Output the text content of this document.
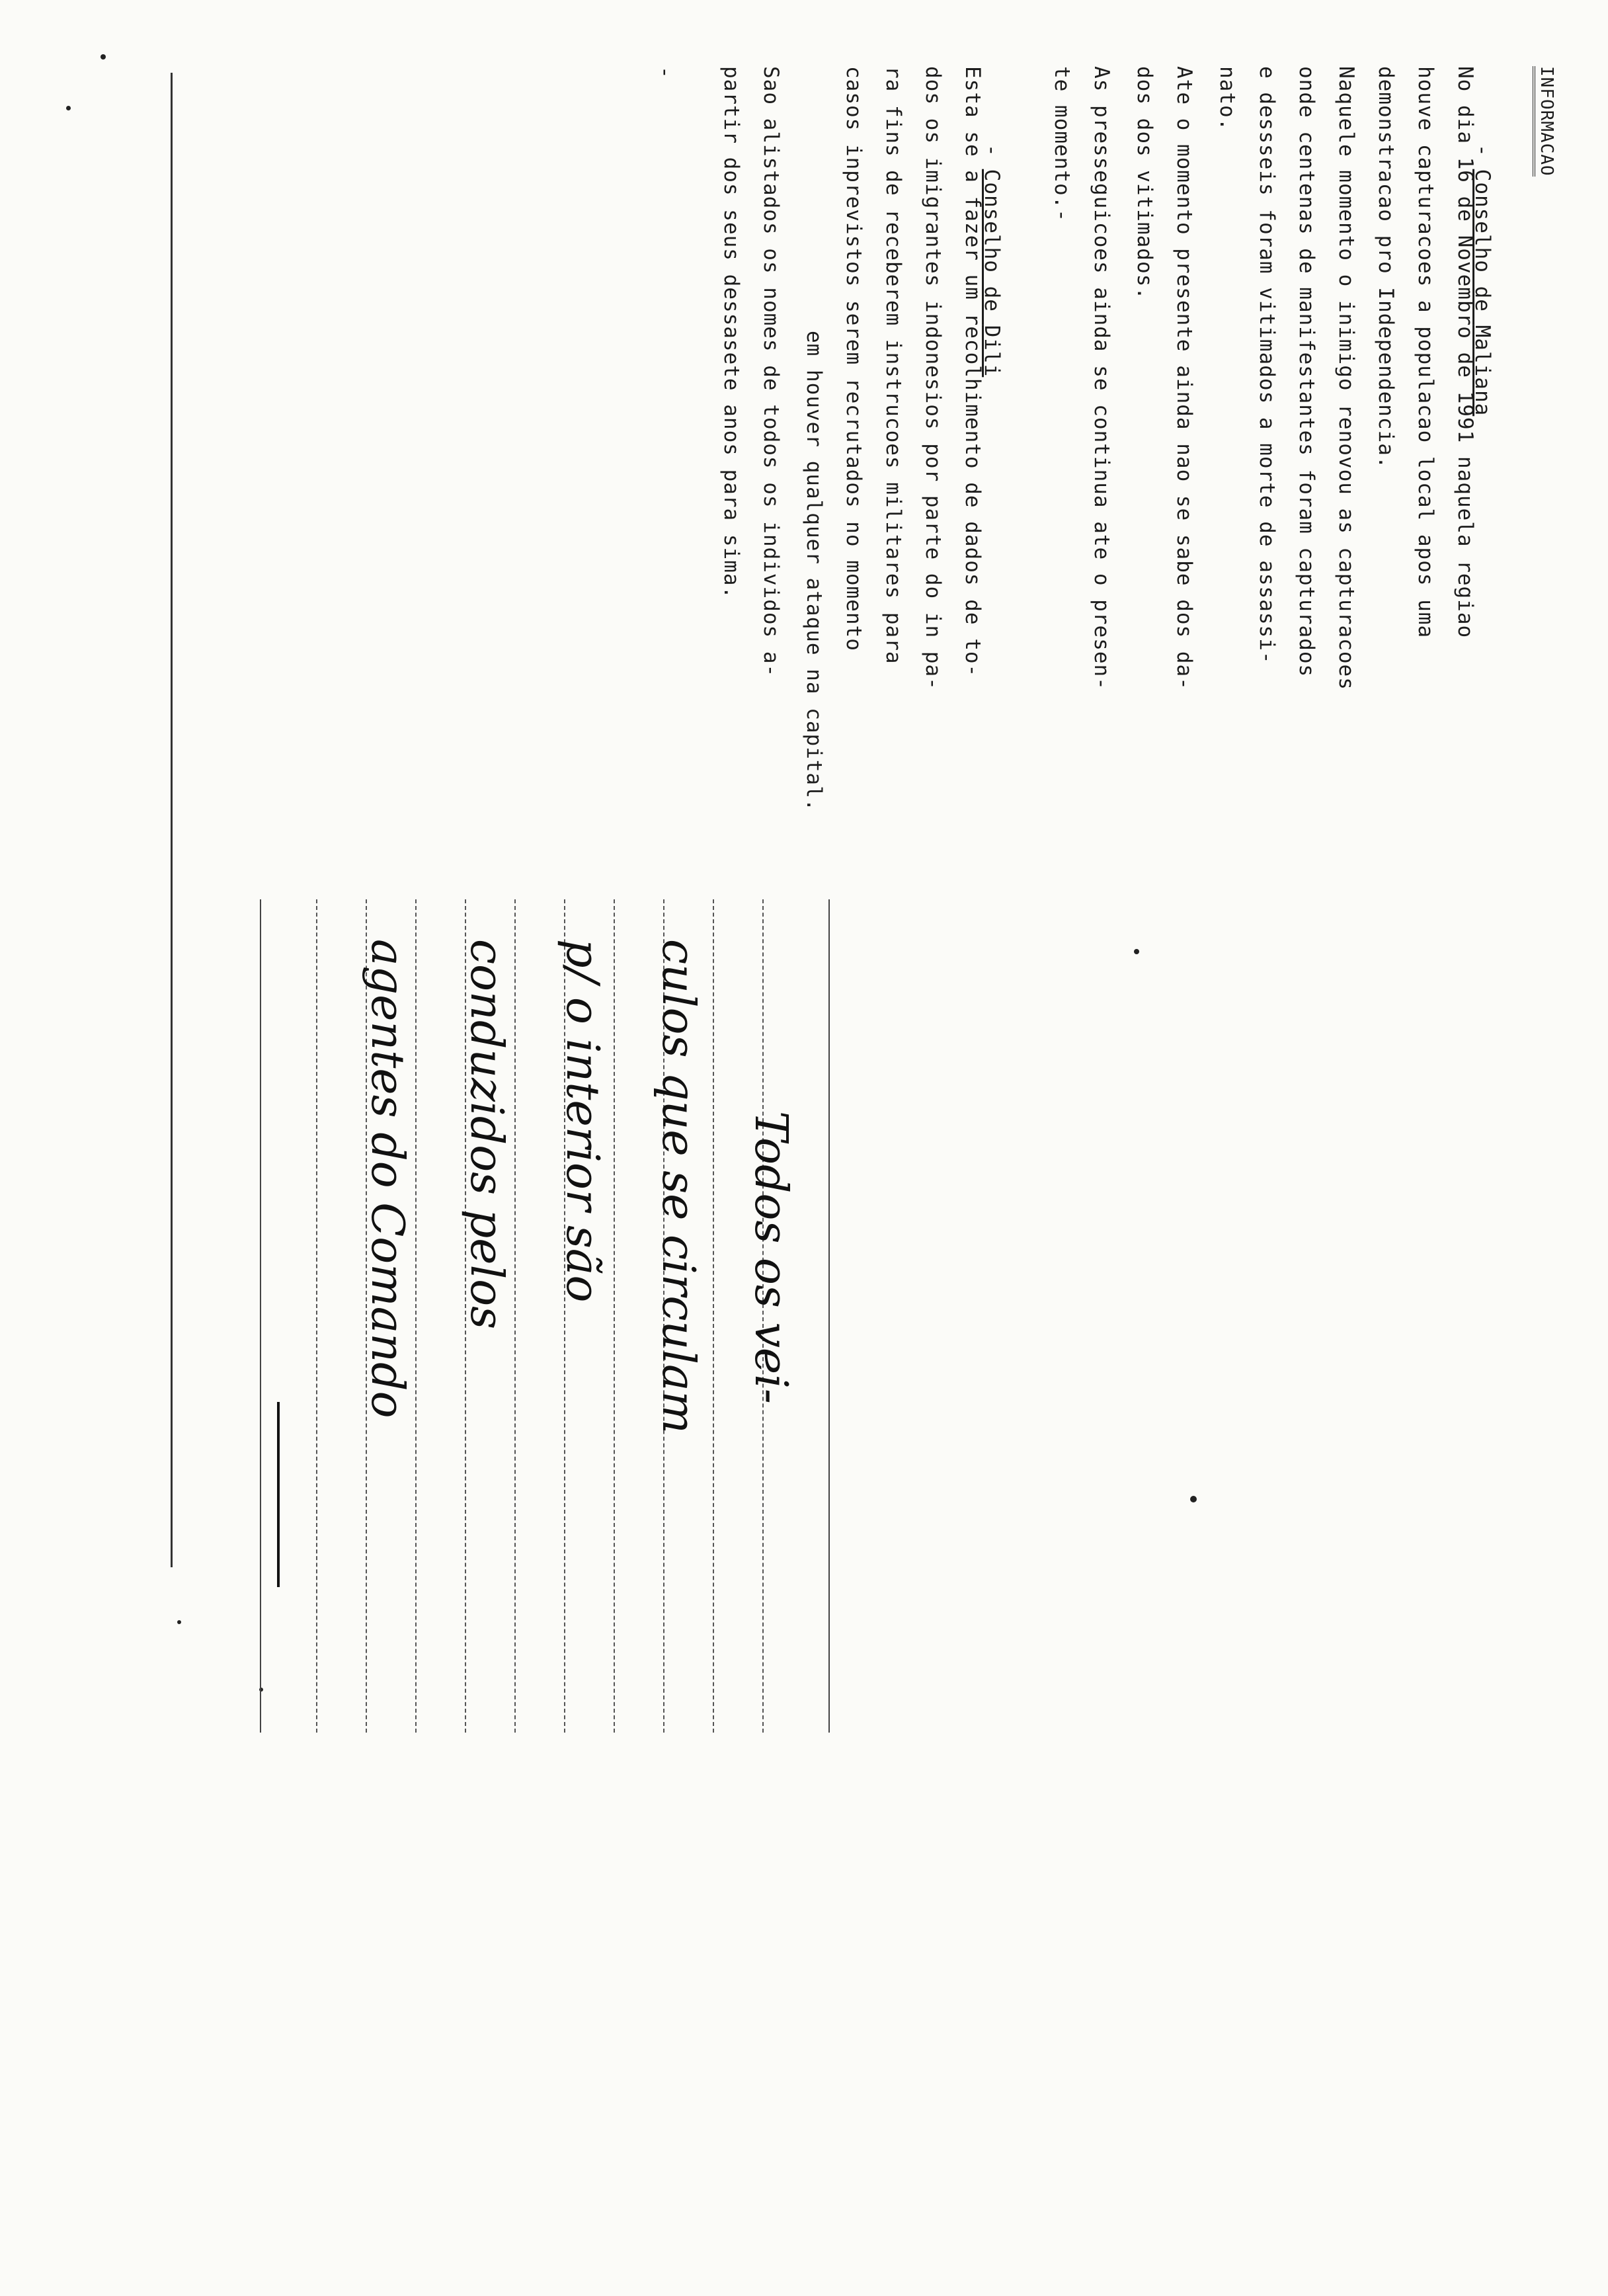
INFORMACAO

-Conselho de Maliana

No dia 16 de Novembro de 1991 naquela regiao
houve capturacoes a populacao local apos uma
demonstracao pro Independencia.
Naquele momento o inimigo renovou as capturacoes
onde centenas de manifestantes foram capturados
e dessseis foram vitimados a morte de assassi-
nato.
Ate o momento presente ainda nao se sabe dos da-
dos dos vitimados.
As presseguicoes ainda se continua ate o presen-
te momento.-

-Conselho de Dili

Esta se a fazer um recolhimento de dados de to-
dos os imigrantes indonesios por parte do in pa-
ra fins de receberem instrucoes militares para
casos inprevistos serem recrutados no momento
em houver qualquer ataque na capital.
Sao alistados os nomes de todos os individos a-
partir dos seus dessasete anos para sima.
-
Todos os vei-
culos que se circulam
p/ o interior são
conduzidos pelos
agentes do Comando
